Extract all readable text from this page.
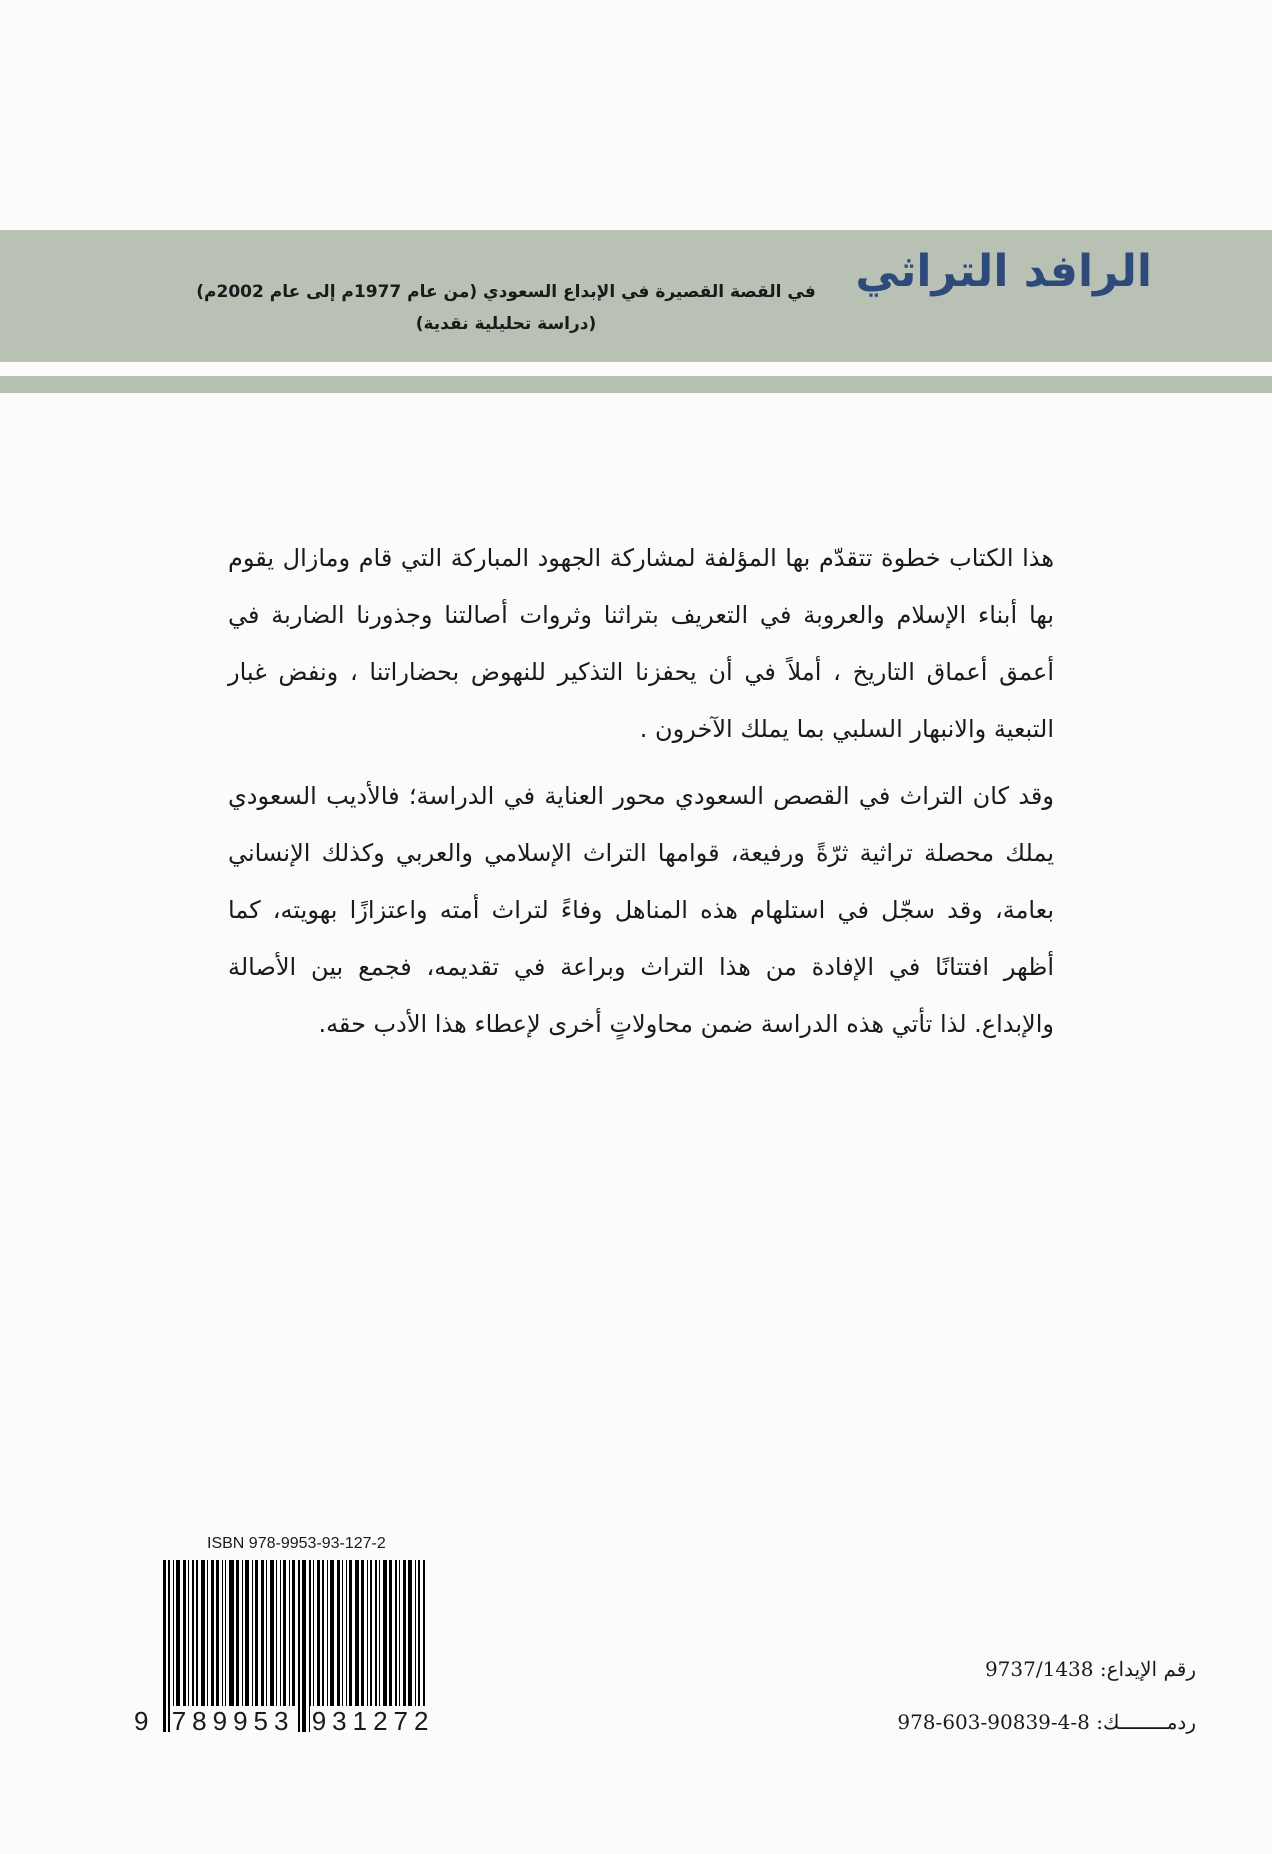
الرافد التراثي
في القصة القصيرة في الإبداع السعودي (من عام 1977م إلى عام 2002م)
(دراسة تحليلية نقدية)

هذا الكتاب خطوة تتقدّم بها المؤلفة لمشاركة الجهود المباركة التي قام ومازال يقوم بها أبناء الإسلام والعروبة في التعريف بتراثنا وثروات أصالتنا وجذورنا الضاربة في أعمق أعماق التاريخ ، أملاً في أن يحفزنا التذكير للنهوض بحضاراتنا ، ونفض غبار التبعية والانبهار السلبي بما يملك الآخرون .

وقد كان التراث في القصص السعودي محور العناية في الدراسة؛ فالأديب السعودي يملك محصلة تراثية ثرّةً ورفيعة، قوامها التراث الإسلامي والعربي وكذلك الإنساني بعامة، وقد سجّل في استلهام هذه المناهل وفاءً لتراث أمته واعتزازًا بهويته، كما أظهر افتتانًا في الإفادة من هذا التراث وبراعة في تقديمه، فجمع بين الأصالة والإبداع. لذا تأتي هذه الدراسة ضمن محاولاتٍ أخرى لإعطاء هذا الأدب حقه.

ISBN 978-9953-93-127-2
9 789953 931272
رقم الإيداع: 9737/1438
ردمــــــــك: 8-4-90839-603-978
